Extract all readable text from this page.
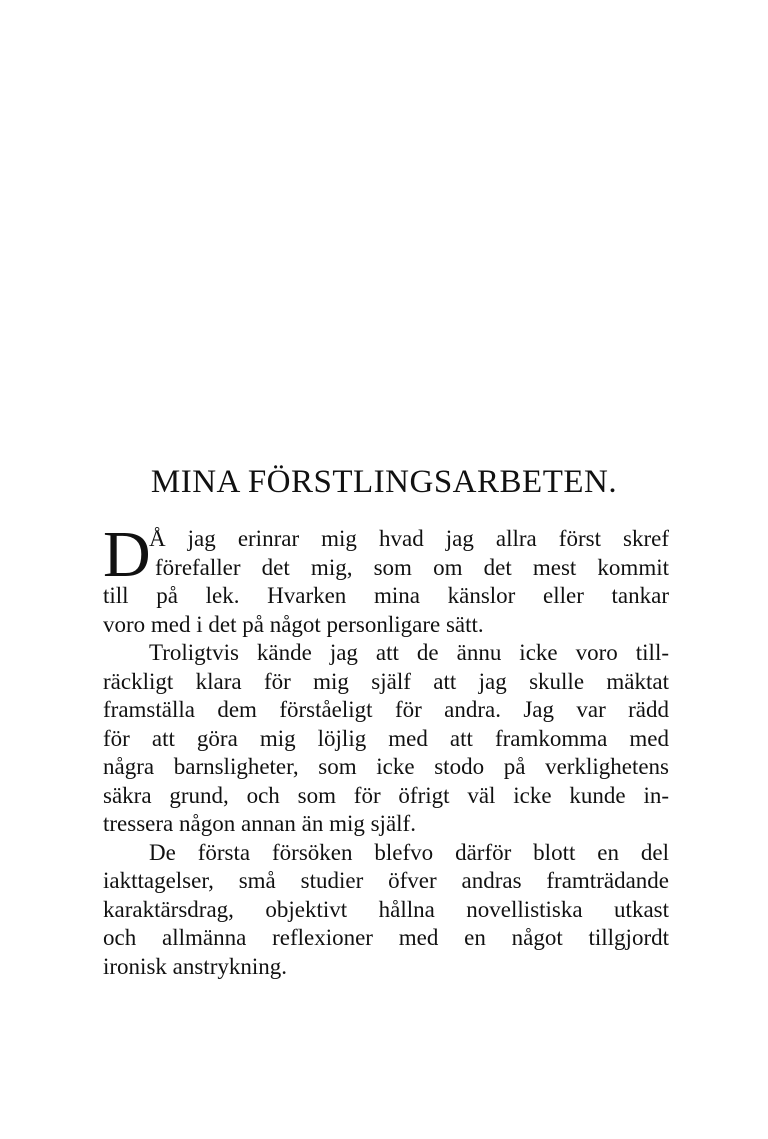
MINA FÖRSTLINGSARBETEN.
D
Å jag erinrar mig hvad jag allra först skref
förefaller det mig, som om det mest kommit
till på lek. Hvarken mina känslor eller tankar
voro med i det på något personligare sätt.
Troligtvis kände jag att de ännu icke voro till-
räckligt klara för mig själf att jag skulle mäktat
framställa dem förståeligt för andra. Jag var rädd
för att göra mig löjlig med att framkomma med
några barnsligheter, som icke stodo på verklighetens
säkra grund, och som för öfrigt väl icke kunde in-
tressera någon annan än mig själf.
De första försöken blefvo därför blott en del
iakttagelser, små studier öfver andras framträdande
karaktärsdrag, objektivt hållna novellistiska utkast
och allmänna reflexioner med en något tillgjordt
ironisk anstrykning.
